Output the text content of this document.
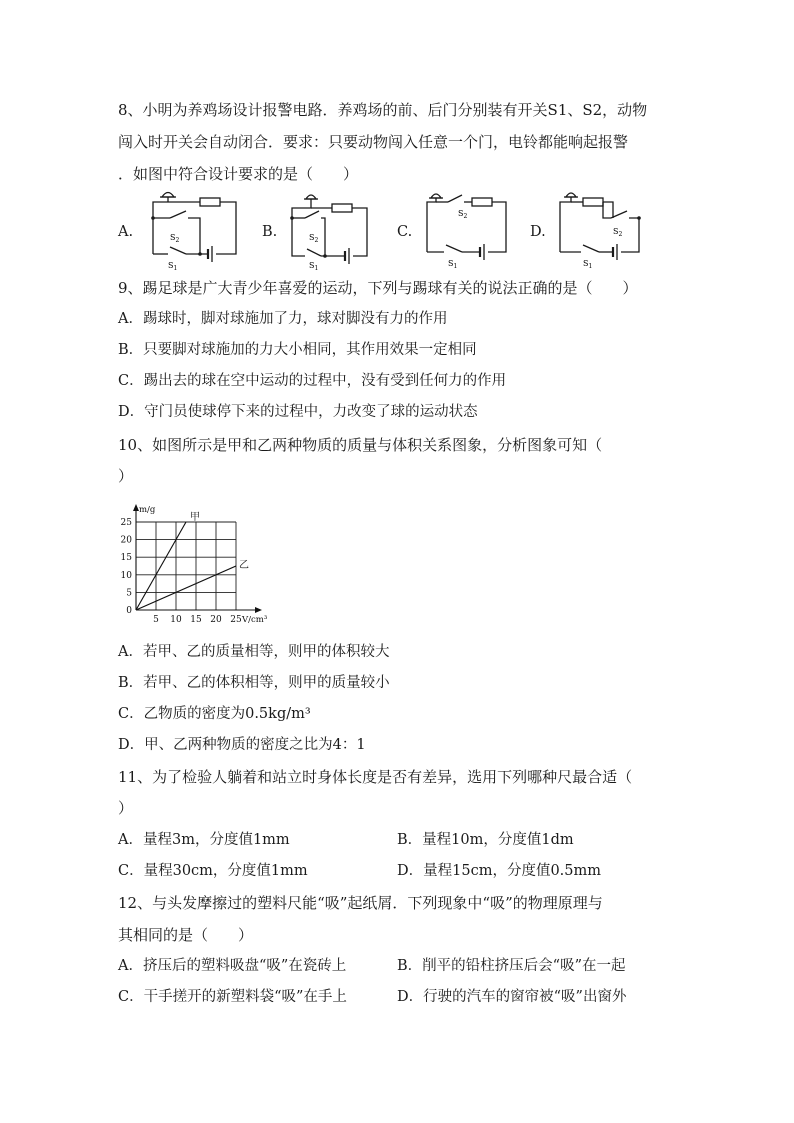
8、小明为养鸡场设计报警电路．养鸡场的前、后门分别装有开关S1、S2，动物
闯入时开关会自动闭合．要求：只要动物闯入任意一个门，电铃都能响起报警
．如图中符合设计要求的是（　　）
A.	B.	C.	D.
$S_2$
$S_1$
$S_2$
$S_1$
$S_2$
$S_1$
$S_2$
$S_1$
9、踢足球是广大青少年喜爱的运动，下列与踢球有关的说法正确的是（　　）
A．踢球时，脚对球施加了力，球对脚没有力的作用
B．只要脚对球施加的力大小相同，其作用效果一定相同
C．踢出去的球在空中运动的过程中，没有受到任何力的作用
D．守门员使球停下来的过程中，力改变了球的运动状态
10、如图所示是甲和乙两种物质的质量与体积关系图象，分析图象可知（
）
5 10 15 20 25
5
10
15
20
25
0
m/g
V/cm³
甲
乙
A．若甲、乙的质量相等，则甲的体积较大
B．若甲、乙的体积相等，则甲的质量较小
C．乙物质的密度为0.5kg/m³
D．甲、乙两种物质的密度之比为4：1
11、为了检验人躺着和站立时身体长度是否有差异，选用下列哪种尺最合适（
）
A．量程3m，分度值1mm	B．量程10m，分度值1dm
C．量程30cm，分度值1mm	D．量程15cm，分度值0.5mm
12、与头发摩擦过的塑料尺能“吸”起纸屑．下列现象中“吸”的物理原理与
其相同的是（　　）
A．挤压后的塑料吸盘“吸”在瓷砖上	B．削平的铅柱挤压后会“吸”在一起
C．干手搓开的新塑料袋“吸”在手上	D．行驶的汽车的窗帘被“吸”出窗外
